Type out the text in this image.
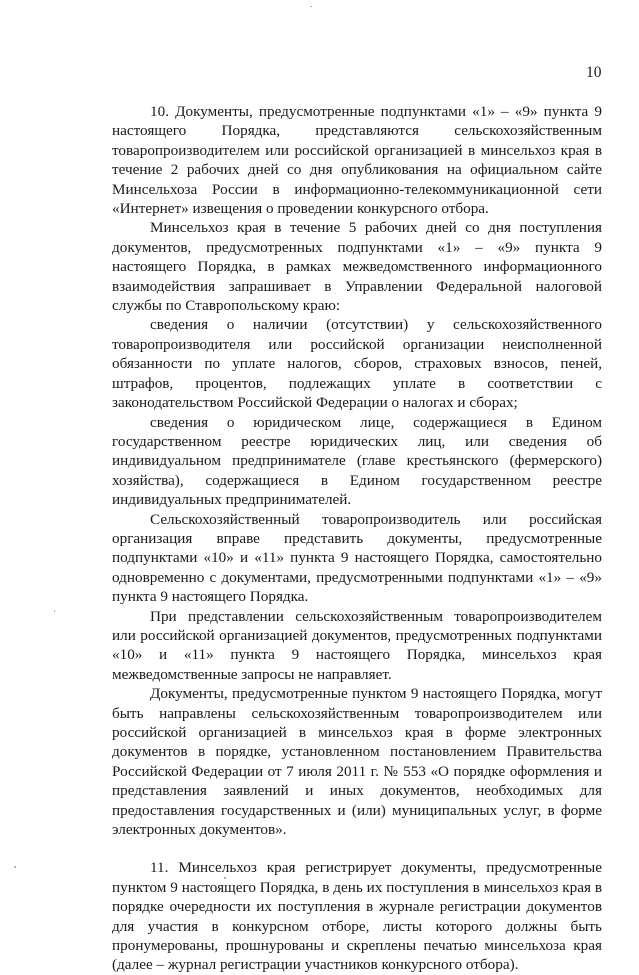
10

10. Документы, предусмотренные подпунктами «1» – «9» пункта 9 настоящего Порядка, представляются сельскохозяйственным товаропроизводителем или российской организацией в минсельхоз края в течение 2 рабочих дней со дня опубликования на официальном сайте Минсельхоза России в информационно-телекоммуникационной сети «Интернет» извещения о проведении конкурсного отбора.

Минсельхоз края в течение 5 рабочих дней со дня поступления документов, предусмотренных подпунктами «1» – «9» пункта 9 настоящего Порядка, в рамках межведомственного информационного взаимодействия запрашивает в Управлении Федеральной налоговой службы по Ставропольскому краю:

сведения о наличии (отсутствии) у сельскохозяйственного товаропроизводителя или российской организации неисполненной обязанности по уплате налогов, сборов, страховых взносов, пеней, штрафов, процентов, подлежащих уплате в соответствии с законодательством Российской Федерации о налогах и сборах;

сведения о юридическом лице, содержащиеся в Едином государственном реестре юридических лиц, или сведения об индивидуальном предпринимателе (главе крестьянского (фермерского) хозяйства), содержащиеся в Едином государственном реестре индивидуальных предпринимателей.

Сельскохозяйственный товаропроизводитель или российская организация вправе представить документы, предусмотренные подпунктами «10» и «11» пункта 9 настоящего Порядка, самостоятельно одновременно с документами, предусмотренными подпунктами «1» – «9» пункта 9 настоящего Порядка.

При представлении сельскохозяйственным товаропроизводителем или российской организацией документов, предусмотренных подпунктами «10» и «11» пункта 9 настоящего Порядка, минсельхоз края межведомственные запросы не направляет.

Документы, предусмотренные пунктом 9 настоящего Порядка, могут быть направлены сельскохозяйственным товаропроизводителем или российской организацией в минсельхоз края в форме электронных документов в порядке, установленном постановлением Правительства Российской Федерации от 7 июля 2011 г. № 553 «О порядке оформления и представления заявлений и иных документов, необходимых для предоставления государственных и (или) муниципальных услуг, в форме электронных документов».

11. Минсельхоз края регистрирует документы, предусмотренные пунктом 9 настоящего Порядка, в день их поступления в минсельхоз края в порядке очередности их поступления в журнале регистрации документов для участия в конкурсном отборе, листы которого должны быть пронумерованы, прошнурованы и скреплены печатью минсельхоза края (далее – журнал регистрации участников конкурсного отбора).
